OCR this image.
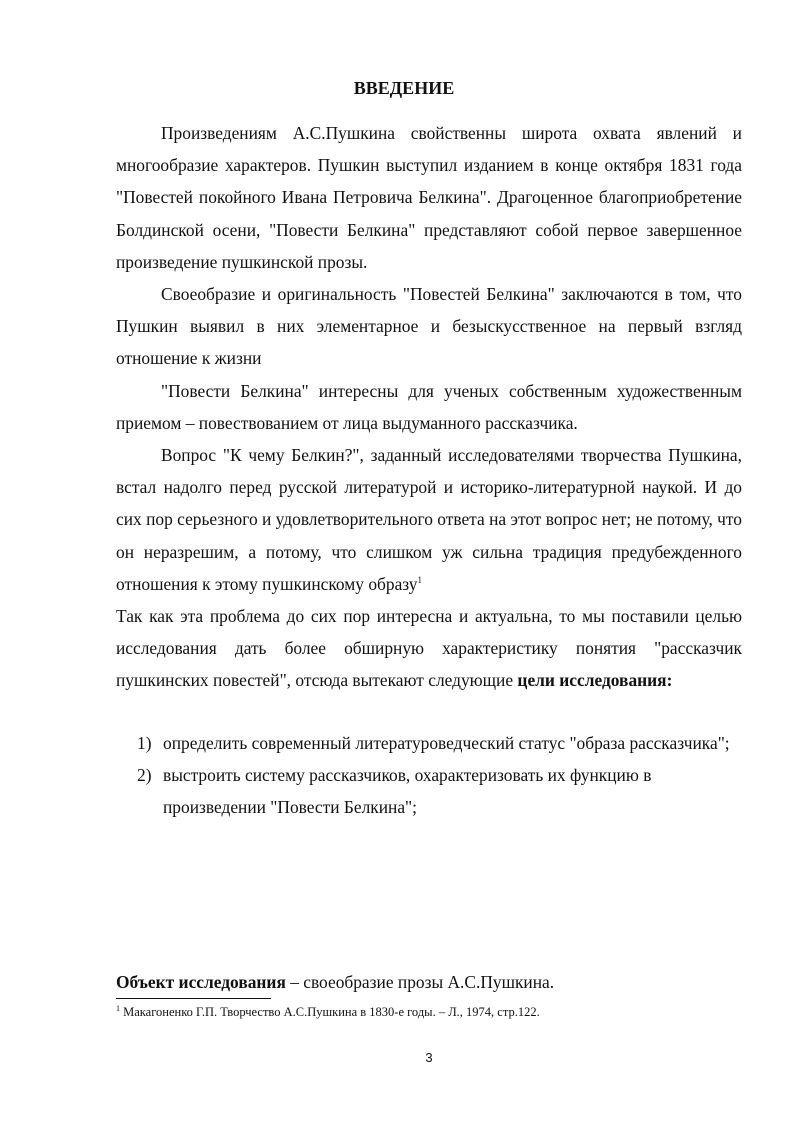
ВВЕДЕНИЕ

Произведениям А.С.Пушкина свойственны широта охвата явлений и многообразие характеров. Пушкин выступил изданием в конце октября 1831 года "Повестей покойного Ивана Петровича Белкина". Драгоценное благоприобретение Болдинской осени, "Повести Белкина" представляют собой первое завершенное произведение пушкинской прозы.

Своеобразие и оригинальность "Повестей Белкина" заключаются в том, что Пушкин выявил в них элементарное и безыскусственное на первый взгляд отношение к жизни

"Повести Белкина" интересны для ученых собственным художественным приемом – повествованием от лица выдуманного рассказчика.

Вопрос "К чему Белкин?", заданный исследователями творчества Пушкина, встал надолго перед русской литературой и историко-литературной наукой. И до сих пор серьезного и удовлетворительного ответа на этот вопрос нет; не потому, что он неразрешим, а потому, что слишком уж сильна традиция предубежденного отношения к этому пушкинскому образу$^1$

Так как эта проблема до сих пор интересна и актуальна, то мы поставили целью исследования дать более обширную характеристику понятия "рассказчик пушкинских повестей", отсюда вытекают следующие цели исследования:

1) определить современный литературоведческий статус "образа рассказчика";
2) выстроить систему рассказчиков, охарактеризовать их функцию в произведении "Повести Белкина";
Объект исследования – своеобразие прозы А.С.Пушкина.
$^1$ Макагоненко Г.П. Творчество А.С.Пушкина в 1830-е годы. – Л., 1974, стр.122.
3
